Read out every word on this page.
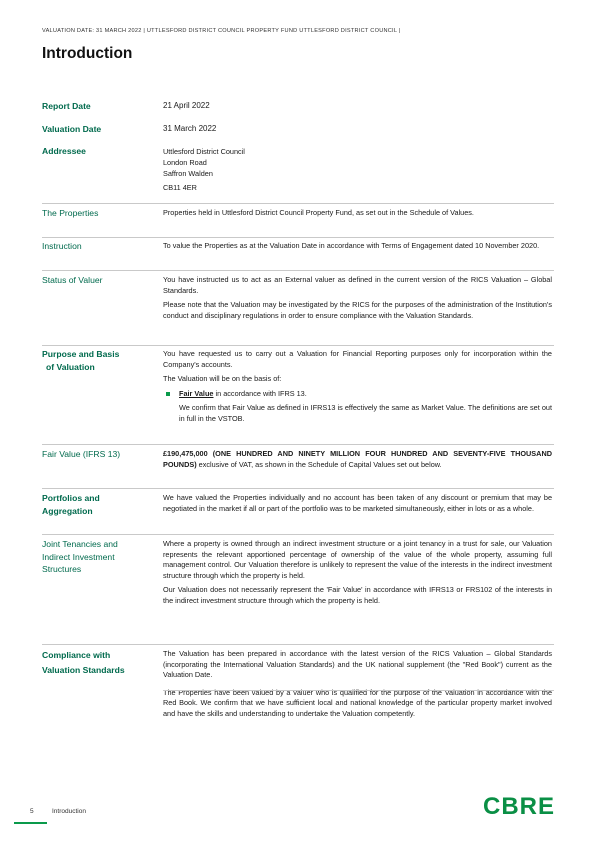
VALUATION DATE: 31 MARCH 2022 | UTTLESFORD DISTRICT COUNCIL PROPERTY FUND UTTLESFORD DISTRICT COUNCIL |
Introduction
Report Date	21 April 2022
Valuation Date	31 March 2022
Addressee	Uttlesford District Council
London Road
Saffron Walden
CB11 4ER
The Properties	Properties held in Uttlesford District Council Property Fund, as set out in the Schedule of Values.
Instruction	To value the Properties as at the Valuation Date in accordance with Terms of Engagement dated 10 November 2020.
Status of Valuer	You have instructed us to act as an External valuer as defined in the current version of the RICS Valuation – Global Standards.

Please note that the Valuation may be investigated by the RICS for the purposes of the administration of the Institution's conduct and disciplinary regulations in order to ensure compliance with the Valuation Standards.

Purpose and Basis
of Valuation

You have requested us to carry out a Valuation for Financial Reporting purposes only for incorporation within the Company's accounts.

The Valuation will be on the basis of:

Fair Value in accordance with IFRS 13.

We confirm that Fair Value as defined in IFRS13 is effectively the same as Market Value. The definitions are set out in full in the VSTOB.

Fair Value (IFRS 13)	£190,475,000 (ONE HUNDRED AND NINETY MILLION FOUR HUNDRED AND SEVENTY-FIVE THOUSAND POUNDS) exclusive of VAT, as shown in the Schedule of Capital Values set out below.
Portfolios and
Aggregation
We have valued the Properties individually and no account has been taken of any discount or premium that may be negotiated in the market if all or part of the portfolio was to be marketed simultaneously, either in lots or as a whole.
Joint Tenancies and
Indirect Investment
Structures

Where a property is owned through an indirect investment structure or a joint tenancy in a trust for sale, our Valuation represents the relevant apportioned percentage of ownership of the value of the whole property, assuming full management control. Our Valuation therefore is unlikely to represent the value of the interests in the indirect investment structure through which the property is held.

Our Valuation does not necessarily represent the 'Fair Value' in accordance with IFRS13 or FRS102 of the interests in the indirect investment structure through which the property is held.

Compliance with
Valuation Standards

The Valuation has been prepared in accordance with the latest version of the RICS Valuation – Global Standards (incorporating the International Valuation Standards) and the UK national supplement (the "Red Book") current as the Valuation Date.

The Properties have been valued by a valuer who is qualified for the purpose of the Valuation in accordance with the Red Book. We confirm that we have sufficient local and national knowledge of the particular property market involved and have the skills and understanding to undertake the Valuation competently.

5	Introduction	CBRE
